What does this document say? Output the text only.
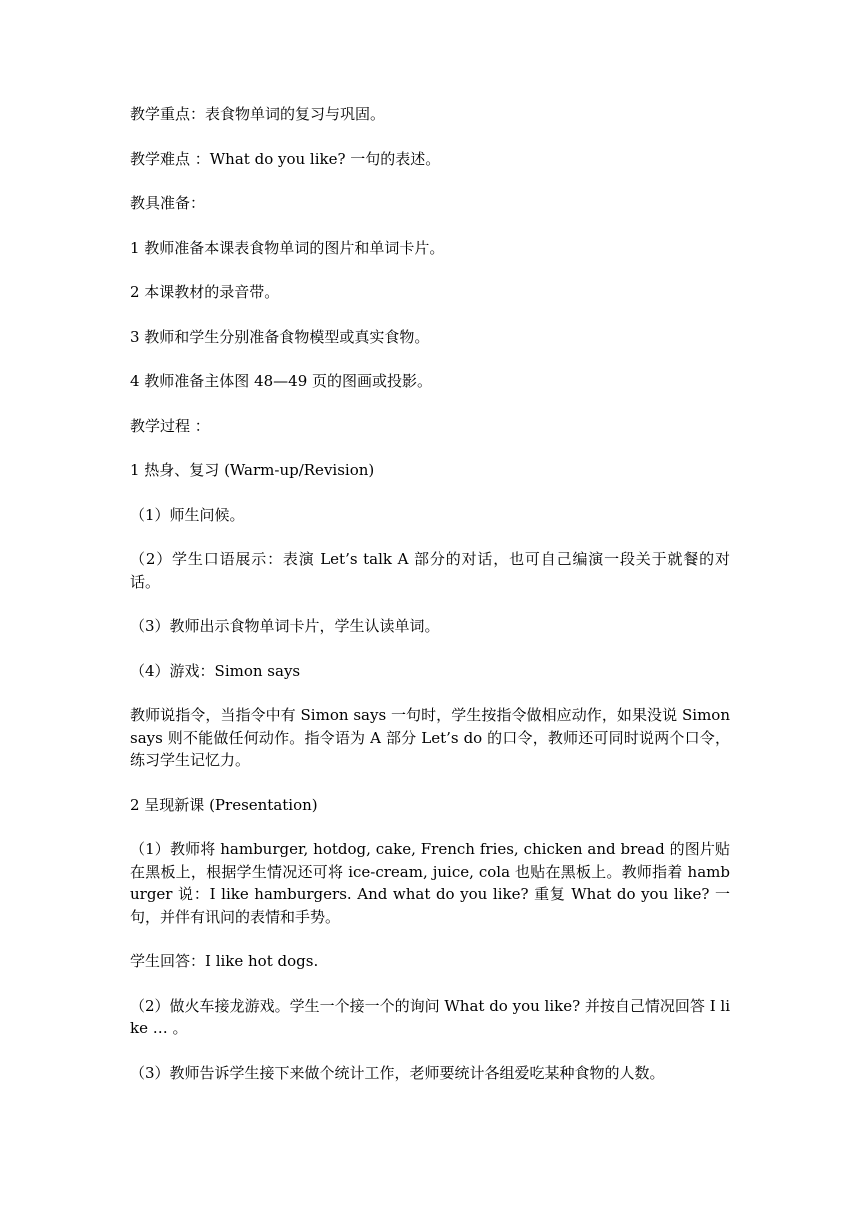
教学重点：表食物单词的复习与巩固。

教学难点 ：What do you like? 一句的表述。

教具准备：

1 教师准备本课表食物单词的图片和单词卡片。

2 本课教材的录音带。

3 教师和学生分别准备食物模型或真实食物。

4 教师准备主体图 48—49 页的图画或投影。

教学过程 ：

1 热身、复习 (Warm-up/Revision)

（1）师生问候。

（2）学生口语展示：表演 Let’s talk A 部分的对话，也可自己编演一段关于就餐的对话。

（3）教师出示食物单词卡片，学生认读单词。

（4）游戏：Simon says

教师说指令，当指令中有 Simon says 一句时，学生按指令做相应动作，如果没说 Simon says 则不能做任何动作。指令语为 A 部分 Let’s do 的口令，教师还可同时说两个口令，练习学生记忆力。

2 呈现新课 (Presentation)

（1）教师将 hamburger, hotdog, cake, French fries, chicken and bread 的图片贴在黑板上，根据学生情况还可将 ice-cream, juice, cola 也贴在黑板上。教师指着 hamburger 说：I like hamburgers. And what do you like? 重复 What do you like? 一句，并伴有讯问的表情和手势。

学生回答：I like hot dogs.

（2）做火车接龙游戏。学生一个接一个的询问 What do you like? 并按自己情况回答 I like … 。

（3）教师告诉学生接下来做个统计工作，老师要统计各组爱吃某种食物的人数。
